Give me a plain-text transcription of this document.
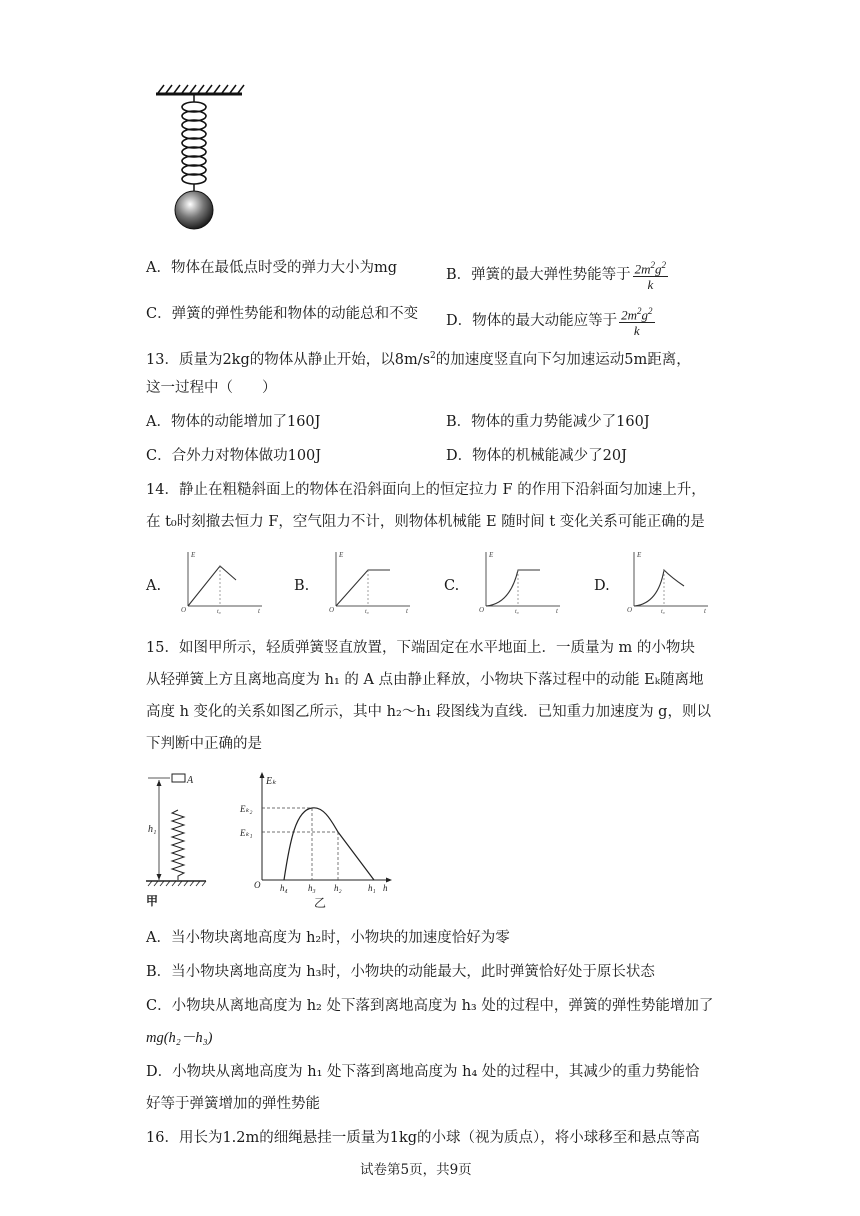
A．物体在最低点时受的弹力大小为mg	B．弹簧的最大弹性势能等于 $\frac{2m^2g^2}{k}$
C．弹簧的弹性势能和物体的动能总和不变 D．物体的最大动能应等于 $\frac{2m^2g^2}{k}$
13．质量为2kg的物体从静止开始，以$8m/s^2$的加速度竖直向下匀加速运动5m距离，
这一过程中（　　）
A．物体的动能增加了160J	B．物体的重力势能减少了160J
C．合外力对物体做功100J	D．物体的机械能减少了20J
14．静止在粗糙斜面上的物体在沿斜面向上的恒定拉力 F 的作用下沿斜面匀加速上升，
在 t₀时刻撤去恒力 F，空气阻力不计，则物体机械能 E 随时间 t 变化关系可能正确的是
A.	B.	C.	D.
E
O	t₀	t
E
O	t₀	t
E
O	t₀	t
E
O	t₀	t
15．如图甲所示，轻质弹簧竖直放置，下端固定在水平地面上．一质量为 m 的小物块
从轻弹簧上方且离地高度为 h₁ 的 A 点由静止释放，小物块下落过程中的动能 Eₖ随离地
高度 h 变化的关系如图乙所示，其中 h₂～h₁ 段图线为直线．已知重力加速度为 g，则以
下判断中正确的是
A
h₁
甲
Eₖ
Eₖ₂
Eₖ₁
O h₄ h₃ h₂	h₁ h
乙
A．当小物块离地高度为 h₂时，小物块的加速度恰好为零
B．当小物块离地高度为 h₃时，小物块的动能最大，此时弹簧恰好处于原长状态
C．小物块从离地高度为 h₂ 处下落到离地高度为 h₃ 处的过程中，弹簧的弹性势能增加了
mg(h₂－h₃)
D．小物块从离地高度为 h₁ 处下落到离地高度为 h₄ 处的过程中，其减少的重力势能恰
好等于弹簧增加的弹性势能
16．用长为1.2m的细绳悬挂一质量为1kg的小球（视为质点），将小球移至和悬点等高
试卷第5页，共9页
